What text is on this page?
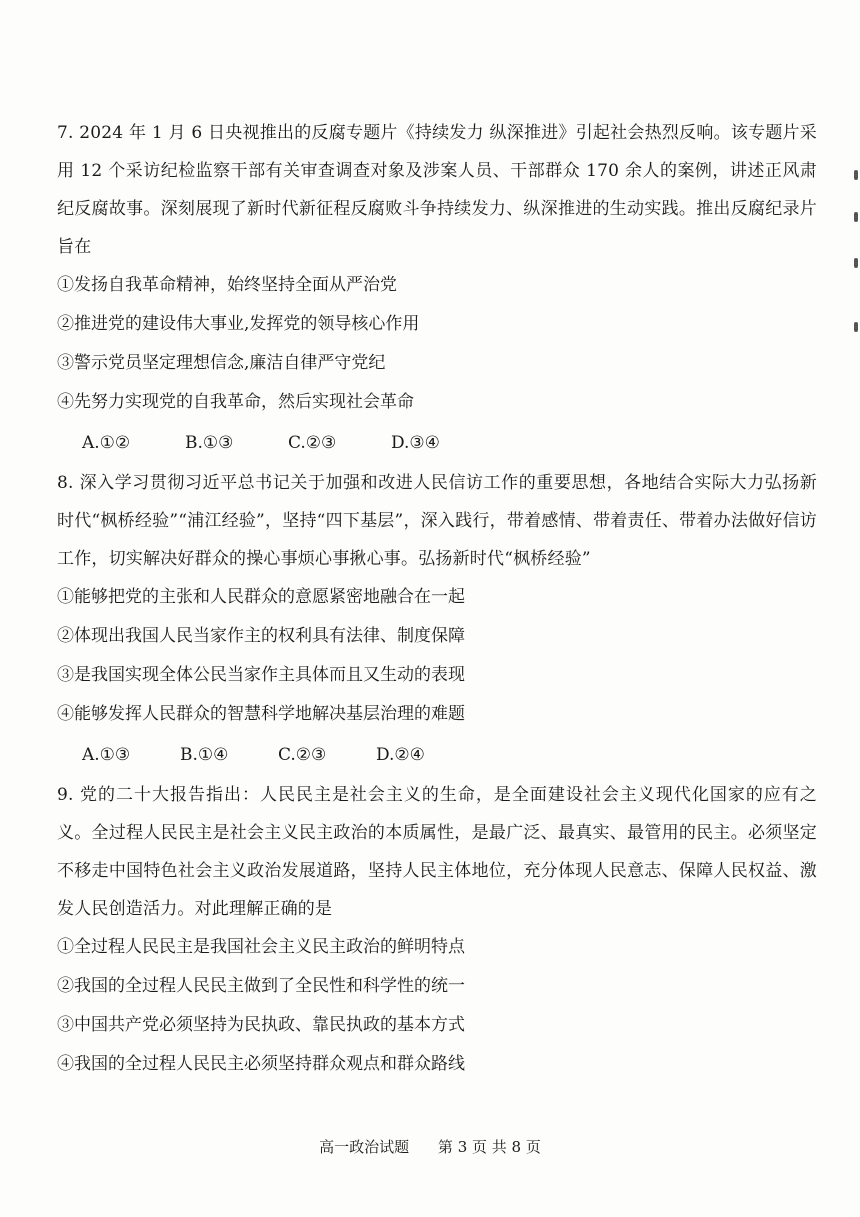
7. 2024 年 1 月 6 日央视推出的反腐专题片《持续发力 纵深推进》引起社会热烈反响。该专题片采用 12 个采访纪检监察干部有关审查调查对象及涉案人员、干部群众 170 余人的案例，讲述正风肃纪反腐故事。深刻展现了新时代新征程反腐败斗争持续发力、纵深推进的生动实践。推出反腐纪录片旨在

①发扬自我革命精神，始终坚持全面从严治党

②推进党的建设伟大事业,发挥党的领导核心作用

③警示党员坚定理想信念,廉洁自律严守党纪

④先努力实现党的自我革命，然后实现社会革命

A.①②	B.①③	C.②③	D.③④

8. 深入学习贯彻习近平总书记关于加强和改进人民信访工作的重要思想，各地结合实际大力弘扬新时代“枫桥经验”“浦江经验”，坚持“四下基层”，深入践行，带着感情、带着责任、带着办法做好信访工作，切实解决好群众的操心事烦心事揪心事。弘扬新时代“枫桥经验”

①能够把党的主张和人民群众的意愿紧密地融合在一起

②体现出我国人民当家作主的权利具有法律、制度保障

③是我国实现全体公民当家作主具体而且又生动的表现

④能够发挥人民群众的智慧科学地解决基层治理的难题

A.①③	B.①④	C.②③	D.②④

9. 党的二十大报告指出：人民民主是社会主义的生命，是全面建设社会主义现代化国家的应有之义。全过程人民民主是社会主义民主政治的本质属性，是最广泛、最真实、最管用的民主。必须坚定不移走中国特色社会主义政治发展道路，坚持人民主体地位，充分体现人民意志、保障人民权益、激发人民创造活力。对此理解正确的是

①全过程人民民主是我国社会主义民主政治的鲜明特点

②我国的全过程人民民主做到了全民性和科学性的统一

③中国共产党必须坚持为民执政、靠民执政的基本方式

④我国的全过程人民民主必须坚持群众观点和群众路线

高一政治试题 第 3 页 共 8 页
